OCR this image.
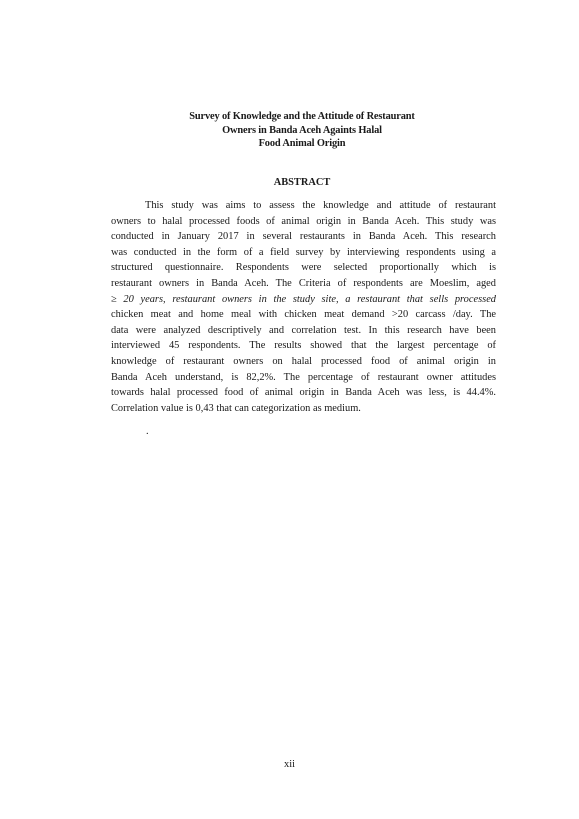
Survey of Knowledge and the Attitude of Restaurant
Owners in Banda Aceh Againts Halal
Food Animal Origin
ABSTRACT
This study was aims to assess the knowledge and attitude of restaurant
owners to halal processed foods of animal origin in Banda Aceh. This study was
conducted in January 2017 in several restaurants in Banda Aceh. This research
was conducted in the form of a field survey by interviewing respondents using a
structured questionnaire. Respondents were selected proportionally which is
restaurant owners in Banda Aceh. The Criteria of respondents are Moeslim, aged
≥ 20 years, restaurant owners in the study site, a restaurant that sells processed
chicken meat and home meal with chicken meat demand >20 carcass /day. The
data were analyzed descriptively and correlation test. In this research have been
interviewed 45 respondents. The results showed that the largest percentage of
knowledge of restaurant owners on halal processed food of animal origin in
Banda Aceh understand, is 82,2%. The percentage of restaurant owner attitudes
towards halal processed food of animal origin in Banda Aceh was less, is 44.4%.
Correlation value is 0,43 that can categorization as medium.
.
xii
